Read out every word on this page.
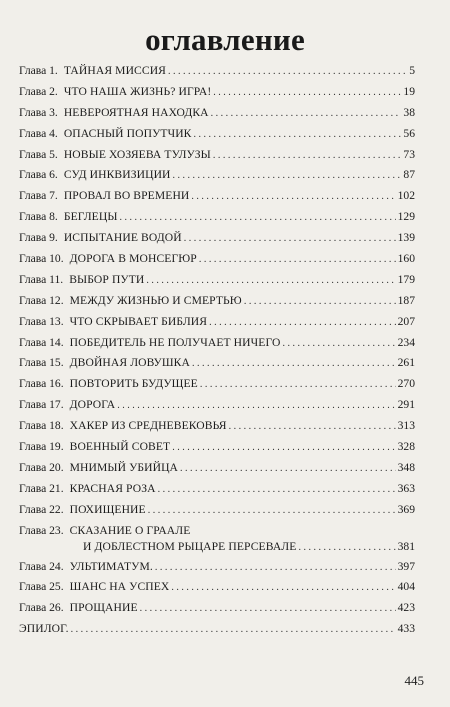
оглавление
Глава 1. ТАЙНАЯ МИССИЯ . . .	5
Глава 2. ЧТО НАША ЖИЗНЬ? ИГРА! . . .	19
Глава 3. НЕВЕРОЯТНАЯ НАХОДКА . . .	38
Глава 4. ОПАСНЫЙ ПОПУТЧИК . . .	56
Глава 5. НОВЫЕ ХОЗЯЕВА ТУЛУЗЫ . . .	73
Глава 6. СУД ИНКВИЗИЦИИ . . .	87
Глава 7. ПРОВАЛ ВО ВРЕМЕНИ . . .	102
Глава 8. БЕГЛЕЦЫ . . .	129
Глава 9. ИСПЫТАНИЕ ВОДОЙ . . .	139
Глава 10. ДОРОГА В МОНСЕГЮР . . .	160
Глава 11. ВЫБОР ПУТИ . . .	179
Глава 12. МЕЖДУ ЖИЗНЬЮ И СМЕРТЬЮ . . .	187
Глава 13. ЧТО СКРЫВАЕТ БИБЛИЯ . . .	207
Глава 14. ПОБЕДИТЕЛЬ НЕ ПОЛУЧАЕТ НИЧЕГО . . .	234
Глава 15. ДВОЙНАЯ ЛОВУШКА . . .	261
Глава 16. ПОВТОРИТЬ БУДУЩЕЕ . . .	270
Глава 17. ДОРОГА . . .	291
Глава 18. ХАКЕР ИЗ СРЕДНЕВЕКОВЬЯ . . .	313
Глава 19. ВОЕННЫЙ СОВЕТ . . .	328
Глава 20. МНИМЫЙ УБИЙЦА . . .	348
Глава 21. КРАСНАЯ РОЗА . . .	363
Глава 22. ПОХИЩЕНИЕ . . .	369
Глава 23. СКАЗАНИЕ О ГРААЛЕ
И ДОБЛЕСТНОМ РЫЦАРЕ ПЕРСЕВАЛЕ . . .	381
Глава 24. УЛЬТИМАТУМ. . . .	397
Глава 25. ШАНС НА УСПЕХ . . .	404
Глава 26. ПРОЩАНИЕ . . .	423
ЭПИЛОГ. . . .	433
445
